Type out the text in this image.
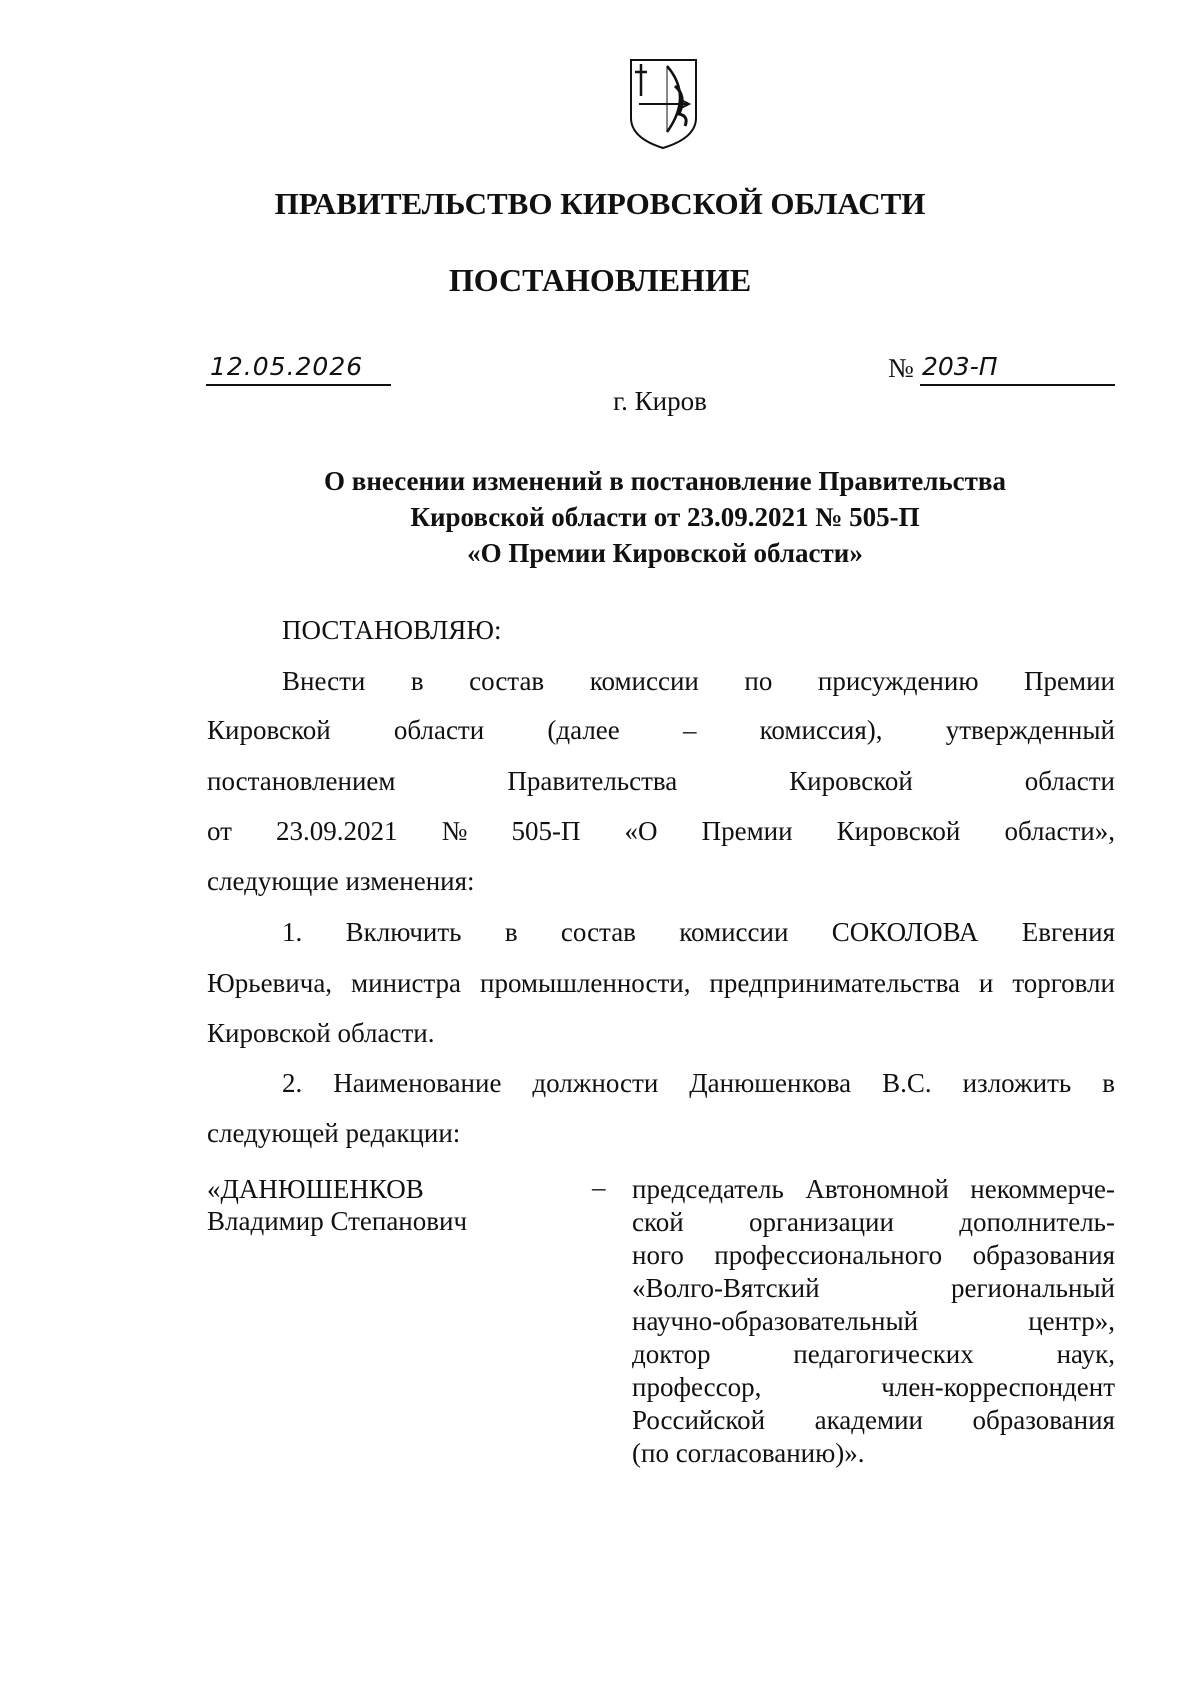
ПРАВИТЕЛЬСТВО КИРОВСКОЙ ОБЛАСТИ
ПОСТАНОВЛЕНИЕ
12.05.2026	№ 203-П
г. Киров
О внесении изменений в постановление Правительства
Кировской области от 23.09.2021 № 505-П
«О Премии Кировской области»
ПОСТАНОВЛЯЮ:
Внести в состав комиссии по присуждению Премии
Кировской области (далее – комиссия), утвержденный
постановлением	Правительства	Кировской	области
от 23.09.2021 № 505-П «О Премии Кировской области»,
следующие изменения:
1. Включить в состав комиссии СОКОЛОВА Евгения
Юрьевича, министра промышленности, предпринимательства и торговли
Кировской области.
2. Наименование должности Данюшенкова В.С. изложить в
следующей редакции:
«ДАНЮШЕНКОВ
Владимир Степанович
– председатель Автономной некоммерче-
ской организации дополнитель-
ного профессионального образования
«Волго-Вятский	региональный
научно-образовательный	центр»,
доктор	педагогических	наук,
профессор,	член-корреспондент
Российской академии образования
(по согласованию)».
